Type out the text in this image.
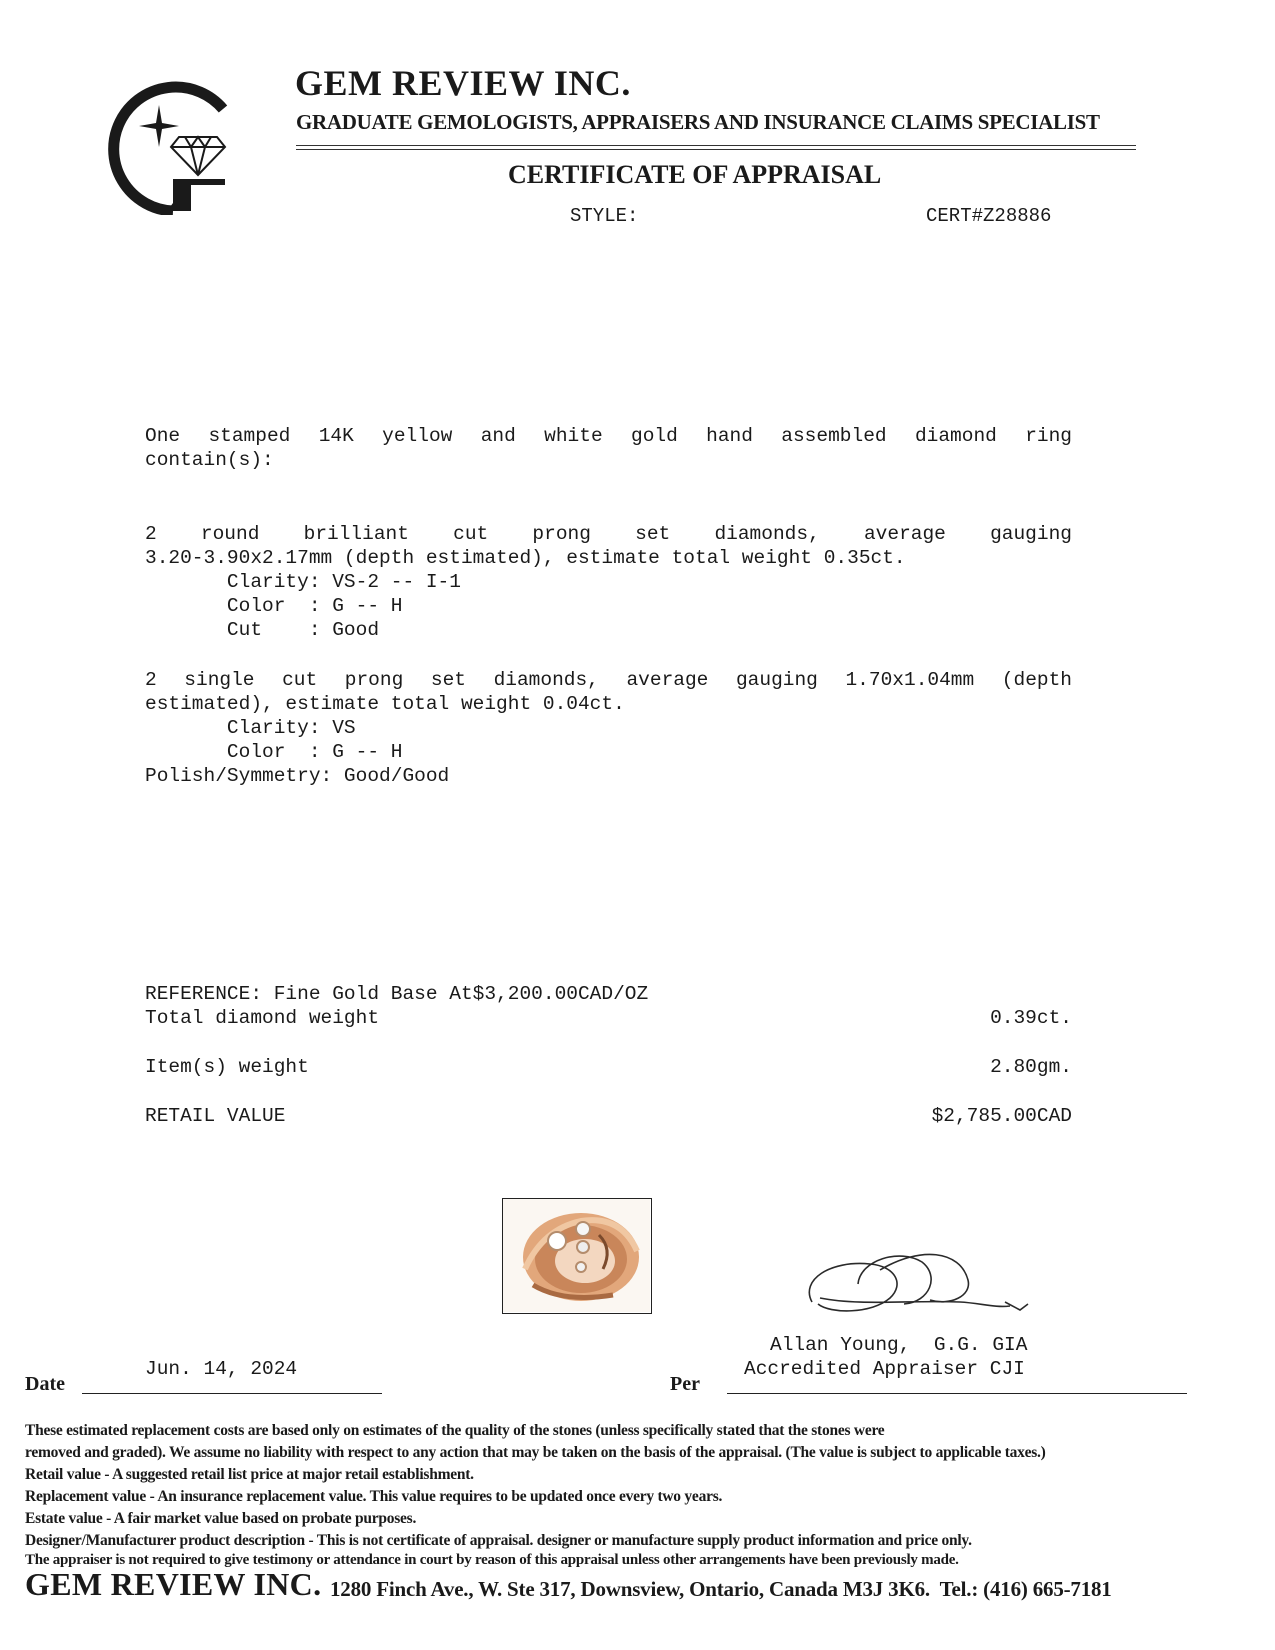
GEM REVIEW INC.
GRADUATE GEMOLOGISTS, APPRAISERS AND INSURANCE CLAIMS SPECIALIST
CERTIFICATE OF APPRAISAL
STYLE:	CERT#Z28886
One stamped 14K yellow and white gold hand assembled diamond ring
contain(s):
2 round brilliant cut prong set diamonds, average gauging
3.20-3.90x2.17mm (depth estimated), estimate total weight 0.35ct.
Clarity: VS-2 -- I-1
Color  : G -- H
Cut    : Good
2 single cut prong set diamonds, average gauging 1.70x1.04mm (depth
estimated), estimate total weight 0.04ct.
Clarity: VS
Color  : G -- H
Polish/Symmetry: Good/Good
REFERENCE: Fine Gold Base At$3,200.00CAD/OZ
Total diamond weight	0.39ct.
Item(s) weight	2.80gm.
RETAIL VALUE	$2,785.00CAD
Allan Young,  G.G. GIA
Accredited Appraiser CJI
Jun. 14, 2024
Date	Per
These estimated replacement costs are based only on estimates of the quality of the stones (unless specifically stated that the stones were
removed and graded). We assume no liability with respect to any action that may be taken on the basis of the appraisal. (The value is subject to applicable taxes.)
Retail value - A suggested retail list price at major retail establishment.
Replacement value - An insurance replacement value. This value requires to be updated once every two years.
Estate value - A fair market value based on probate purposes.
Designer/Manufacturer product description - This is not certificate of appraisal. designer or manufacture supply product information and price only.
The appraiser is not required to give testimony or attendance in court by reason of this appraisal unless other arrangements have been previously made.
GEM REVIEW INC. 1280 Finch Ave., W. Ste 317, Downsview, Ontario, Canada M3J 3K6.  Tel.: (416) 665-7181
